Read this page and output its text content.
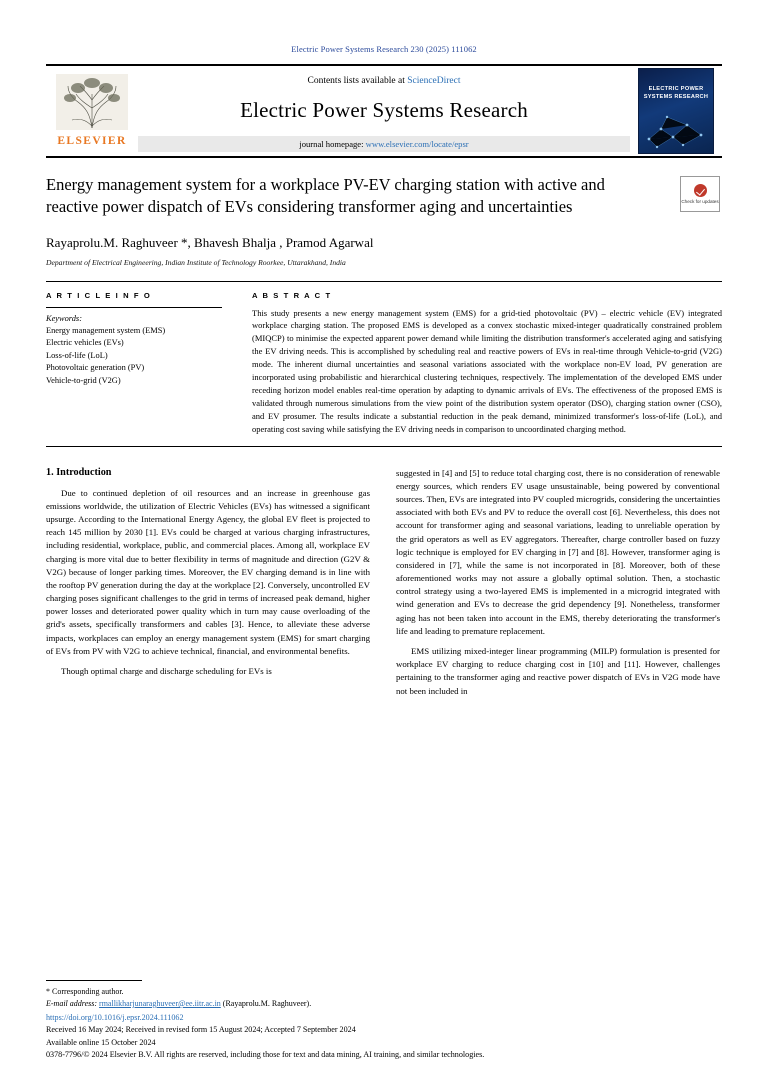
Electric Power Systems Research 230 (2025) 111062
ELSEVIER
Contents lists available at ScienceDirect
Electric Power Systems Research
journal homepage: www.elsevier.com/locate/epsr
ELECTRIC POWER SYSTEMS RESEARCH
Check for updates
Energy management system for a workplace PV-EV charging station with active and reactive power dispatch of EVs considering transformer aging and uncertainties
Rayaprolu.M. Raghuveer *, Bhavesh Bhalja , Pramod Agarwal
Department of Electrical Engineering, Indian Institute of Technology Roorkee, Uttarakhand, India
A R T I C L E I N F O
Keywords:
Energy management system (EMS)
Electric vehicles (EVs)
Loss-of-life (LoL)
Photovoltaic generation (PV)
Vehicle-to-grid (V2G)
A B S T R A C T

This study presents a new energy management system (EMS) for a grid-tied photovoltaic (PV) – electric vehicle (EV) integrated workplace charging station. The proposed EMS is developed as a convex stochastic mixed-integer quadratically constrained problem (MIQCP) to minimise the expected apparent power demand while limiting the distribution transformer's accelerated aging and satisfying the EV driving needs. This is accomplished by scheduling real and reactive powers of EVs in real-time through Vehicle-to-grid (V2G) mode. The inherent diurnal uncertainties and seasonal variations associated with the workplace non-EV load, PV generation are incorporated using probabilistic and hierarchical clustering techniques, respectively. The implementation of the developed EMS under receding horizon model enables real-time operation by adapting to dynamic arrivals of EVs. The effectiveness of the proposed EMS is validated through numerous simulations from the view point of the distribution system operator (DSO), charging station owner (CSO), and EV prosumer. The results indicate a substantial reduction in the peak demand, minimized transformer's loss-of-life (LoL), and operating cost saving while satisfying the EV driving needs in comparison to uncoordinated charging method.

1. Introduction

Due to continued depletion of oil resources and an increase in greenhouse gas emissions worldwide, the utilization of Electric Vehicles (EVs) has witnessed a significant upsurge. According to the International Energy Agency, the global EV fleet is projected to reach 145 million by 2030 [1]. EVs could be charged at various charging infrastructures, including residential, workplace, public, and commercial places. Among all, workplace EV charging is more vital due to better flexibility in terms of magnitude and direction (G2V & V2G) because of longer parking times. Moreover, the EV charging demand is in line with the rooftop PV generation during the day at the workplace [2]. Conversely, uncontrolled EV charging poses significant challenges to the grid in terms of increased peak demand, higher power losses and deteriorated power quality which in turn may cause overloading of the grid's assets, specifically transformers and cables [3]. Hence, to alleviate these adverse impacts, workplaces can employ an energy management system (EMS) for smart charging of EVs from PV with V2G to achieve technical, financial, and environmental benefits.

Though optimal charge and discharge scheduling for EVs is

suggested in [4] and [5] to reduce total charging cost, there is no consideration of renewable energy sources, which renders EV usage unsustainable, being powered by conventional sources. Then, EVs are integrated into PV coupled microgrids, considering the uncertainties associated with both EVs and PV to reduce the overall cost [6]. Nevertheless, this does not account for transformer aging and seasonal variations, leading to unreliable operation by the grid operators as well as EV aggregators. Thereafter, charge controller based on fuzzy logic technique is employed for EV charging in [7] and [8]. However, transformer aging is considered in [7], while the same is not incorporated in [8]. Moreover, both of these aforementioned works may not assure a globally optimal solution. Then, a stochastic control strategy using a two-layered EMS is implemented in a microgrid integrated with wind generation and EVs to decrease the grid dependency [9]. Nonetheless, transformer aging has not been taken into account in the EMS, thereby deteriorating the transformer's life and leading to premature replacement.

EMS utilizing mixed-integer linear programming (MILP) formulation is presented for workplace EV charging to reduce charging cost in [10] and [11]. However, challenges pertaining to the transformer aging and reactive power dispatch of EVs in V2G mode have not been included in

* Corresponding author.
E-mail address: rmallikharjunaraghuveer@ee.iitr.ac.in (Rayaprolu.M. Raghuveer).
https://doi.org/10.1016/j.epsr.2024.111062
Received 16 May 2024; Received in revised form 15 August 2024; Accepted 7 September 2024
Available online 15 October 2024
0378-7796/© 2024 Elsevier B.V. All rights are reserved, including those for text and data mining, AI training, and similar technologies.
